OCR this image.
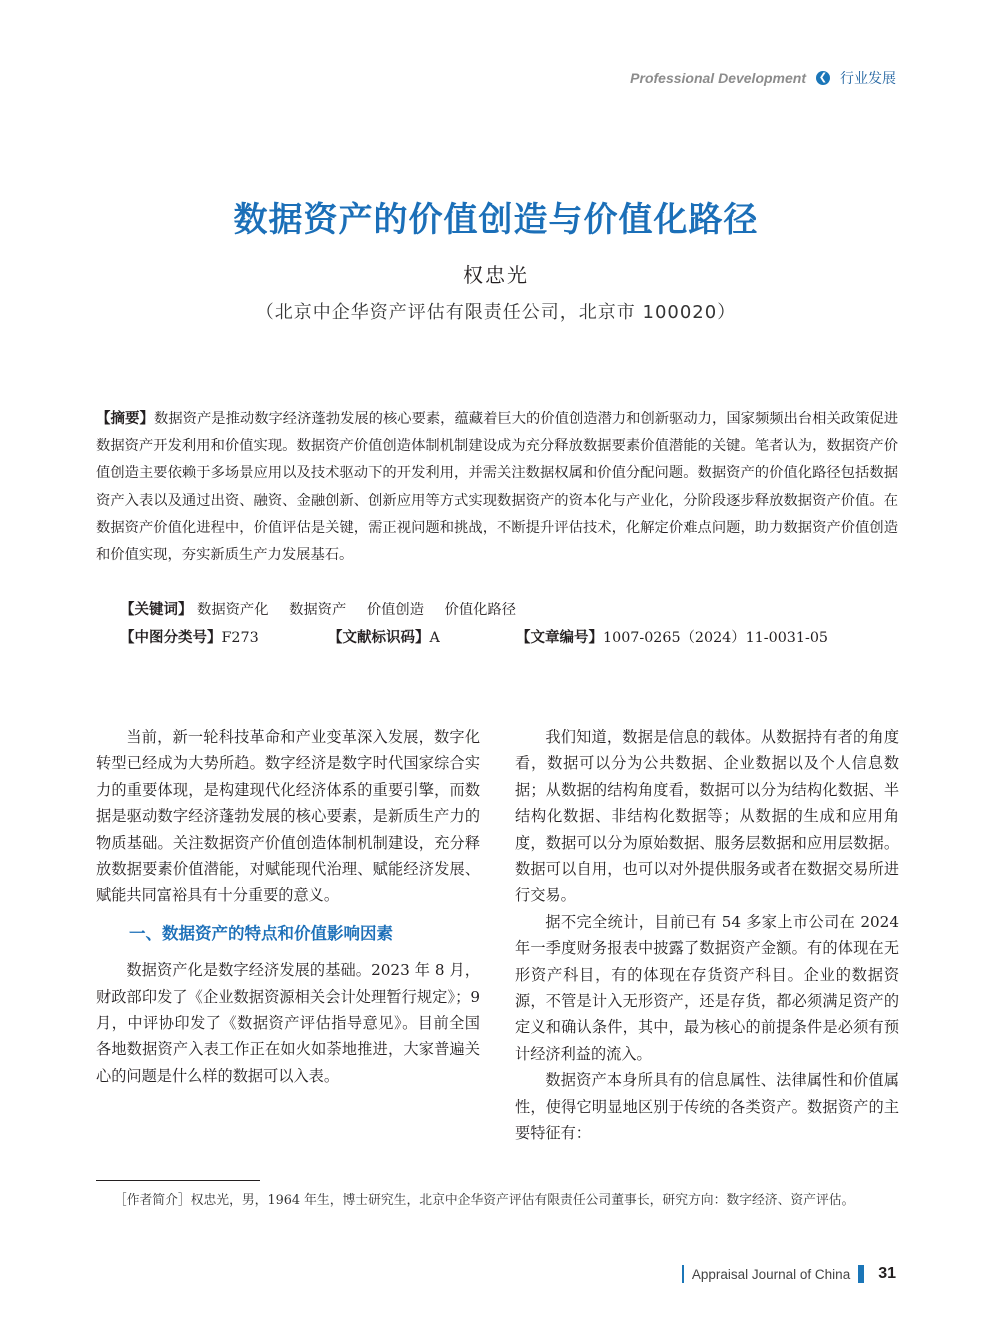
Professional Development ❮ 行业发展
数据资产的价值创造与价值化路径
权忠光
（北京中企华资产评估有限责任公司，北京市 100020）
【摘要】数据资产是推动数字经济蓬勃发展的核心要素，蕴藏着巨大的价值创造潜力和创新驱动力，国家频频出台相关政策促进数据资产开发利用和价值实现。数据资产价值创造体制机制建设成为充分释放数据要素价值潜能的关键。笔者认为，数据资产价值创造主要依赖于多场景应用以及技术驱动下的开发利用，并需关注数据权属和价值分配问题。数据资产的价值化路径包括数据资产入表以及通过出资、融资、金融创新、创新应用等方式实现数据资产的资本化与产业化，分阶段逐步释放数据资产价值。在数据资产价值化进程中，价值评估是关键，需正视问题和挑战，不断提升评估技术，化解定价难点问题，助力数据资产价值创造和价值实现，夯实新质生产力发展基石。
【关键词】 数据资产化 数据资产 价值创造 价值化路径
【中图分类号】F273	【文献标识码】A	【文章编号】1007-0265（2024）11-0031-05

当前，新一轮科技革命和产业变革深入发展，数字化转型已经成为大势所趋。数字经济是数字时代国家综合实力的重要体现，是构建现代化经济体系的重要引擎，而数据是驱动数字经济蓬勃发展的核心要素，是新质生产力的物质基础。关注数据资产价值创造体制机制建设，充分释放数据要素价值潜能，对赋能现代治理、赋能经济发展、赋能共同富裕具有十分重要的意义。

一、数据资产的特点和价值影响因素

数据资产化是数字经济发展的基础。2023 年 8 月，财政部印发了《企业数据资源相关会计处理暂行规定》；9 月，中评协印发了《数据资产评估指导意见》。目前全国各地数据资产入表工作正在如火如荼地推进，大家普遍关心的问题是什么样的数据可以入表。

我们知道，数据是信息的载体。从数据持有者的角度看，数据可以分为公共数据、企业数据以及个人信息数据；从数据的结构角度看，数据可以分为结构化数据、半结构化数据、非结构化数据等；从数据的生成和应用角度，数据可以分为原始数据、服务层数据和应用层数据。数据可以自用，也可以对外提供服务或者在数据交易所进行交易。

据不完全统计，目前已有 54 多家上市公司在 2024 年一季度财务报表中披露了数据资产金额。有的体现在无形资产科目，有的体现在存货资产科目。企业的数据资源，不管是计入无形资产，还是存货，都必须满足资产的定义和确认条件，其中，最为核心的前提条件是必须有预计经济利益的流入。

数据资产本身所具有的信息属性、法律属性和价值属性，使得它明显地区别于传统的各类资产。数据资产的主要特征有：

［作者简介］权忠光，男，1964 年生，博士研究生，北京中企华资产评估有限责任公司董事长，研究方向：数字经济、资产评估。
Appraisal Journal of China 31
